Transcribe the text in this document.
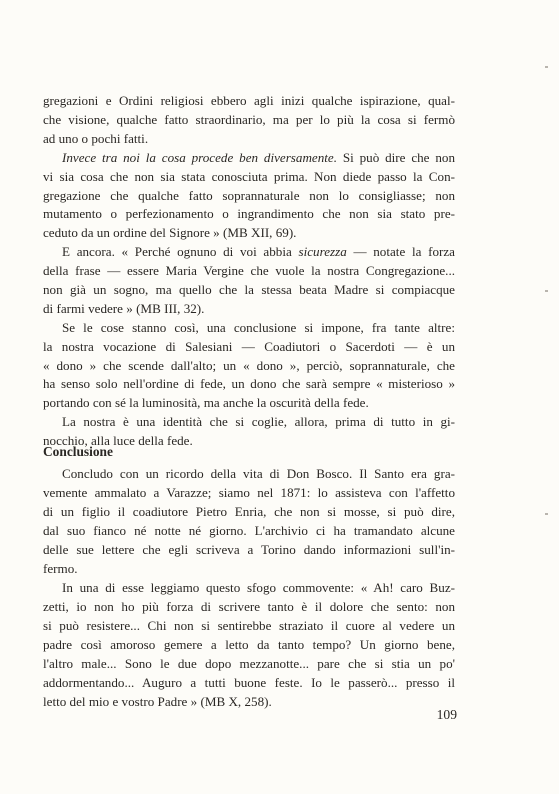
gregazioni e Ordini religiosi ebbero agli inizi qualche ispirazione, qual-
che visione, qualche fatto straordinario, ma per lo più la cosa si fermò
ad uno o pochi fatti.
Invece tra noi la cosa procede ben diversamente. Si può dire che non
vi sia cosa che non sia stata conosciuta prima. Non diede passo la Con-
gregazione che qualche fatto soprannaturale non lo consigliasse; non
mutamento o perfezionamento o ingrandimento che non sia stato pre-
ceduto da un ordine del Signore » (MB XII, 69).
E ancora. « Perché ognuno di voi abbia sicurezza — notate la forza
della frase — essere Maria Vergine che vuole la nostra Congregazione...
non già un sogno, ma quello che la stessa beata Madre si compiacque
di farmi vedere » (MB III, 32).
Se le cose stanno così, una conclusione si impone, fra tante altre:
la nostra vocazione di Salesiani — Coadiutori o Sacerdoti — è un
« dono » che scende dall'alto; un « dono », perciò, soprannaturale, che
ha senso solo nell'ordine di fede, un dono che sarà sempre « misterioso »
portando con sé la luminosità, ma anche la oscurità della fede.
Conclusione
Concludo con un ricordo della vita di Don Bosco. Il Santo era gra-
vemente ammalato a Varazze; siamo nel 1871: lo assisteva con l'affetto
di un figlio il coadiutore Pietro Enria, che non si mosse, si può dire,
dal suo fianco né notte né giorno. L'archivio ci ha tramandato alcune
delle sue lettere che egli scriveva a Torino dando informazioni sull'in-
fermo.
In una di esse leggiamo questo sfogo commovente: « Ah! caro Buz-
zetti, io non ho più forza di scrivere tanto è il dolore che sento: non
si può resistere... Chi non si sentirebbe straziato il cuore al vedere un
padre così amoroso gemere a letto da tanto tempo? Un giorno bene,
l'altro male... Sono le due dopo mezzanotte... pare che si stia un po'
addormentando... Auguro a tutti buone feste. Io le passerò... presso il
letto del mio e vostro Padre » (MB X, 258).
109
La nostra è una identità che si coglie, allora, prima di tutto in gi-
nocchio, alla luce della fede.
